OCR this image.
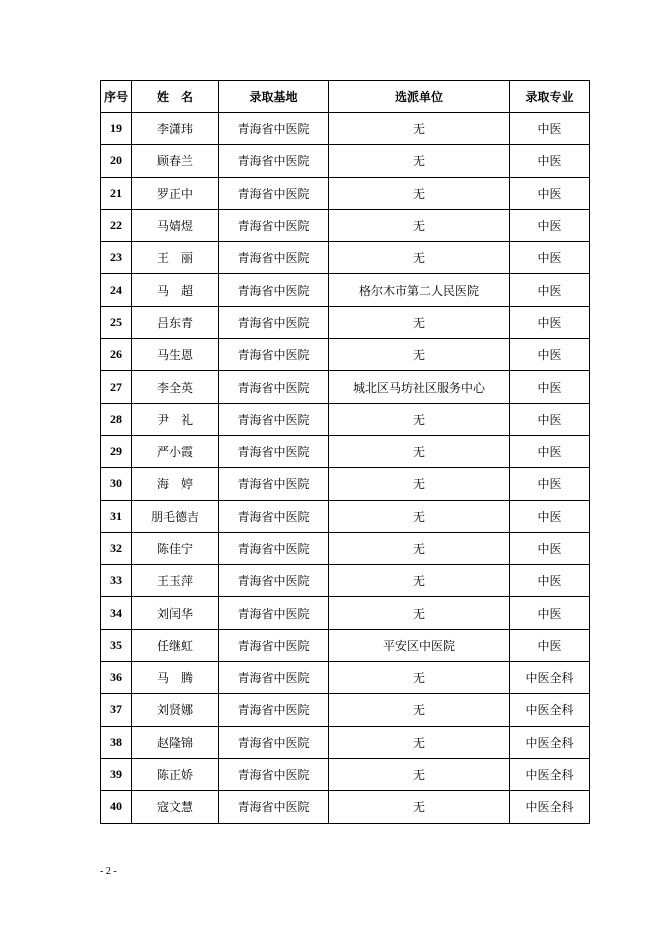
序号	姓　名	录取基地	选派单位	录取专业
19	李潇玮	青海省中医院	无	中医
20	顾春兰	青海省中医院	无	中医
21	罗正中	青海省中医院	无	中医
22	马婧煜	青海省中医院	无	中医
23	王　丽	青海省中医院	无	中医
24	马　超	青海省中医院	格尔木市第二人民医院	中医
25	吕东青	青海省中医院	无	中医
26	马生恩	青海省中医院	无	中医
27	李全英	青海省中医院	城北区马坊社区服务中心	中医
28	尹　礼	青海省中医院	无	中医
29	严小霞	青海省中医院	无	中医
30	海　婷	青海省中医院	无	中医
31	朋毛德吉	青海省中医院	无	中医
32	陈佳宁	青海省中医院	无	中医
33	王玉萍	青海省中医院	无	中医
34	刘闰华	青海省中医院	无	中医
35	任继虹	青海省中医院	平安区中医院	中医
36	马　腾	青海省中医院	无	中医全科
37	刘贤娜	青海省中医院	无	中医全科
38	赵隆锦	青海省中医院	无	中医全科
39	陈正娇	青海省中医院	无	中医全科
40	寇文慧	青海省中医院	无	中医全科
- 2 -
